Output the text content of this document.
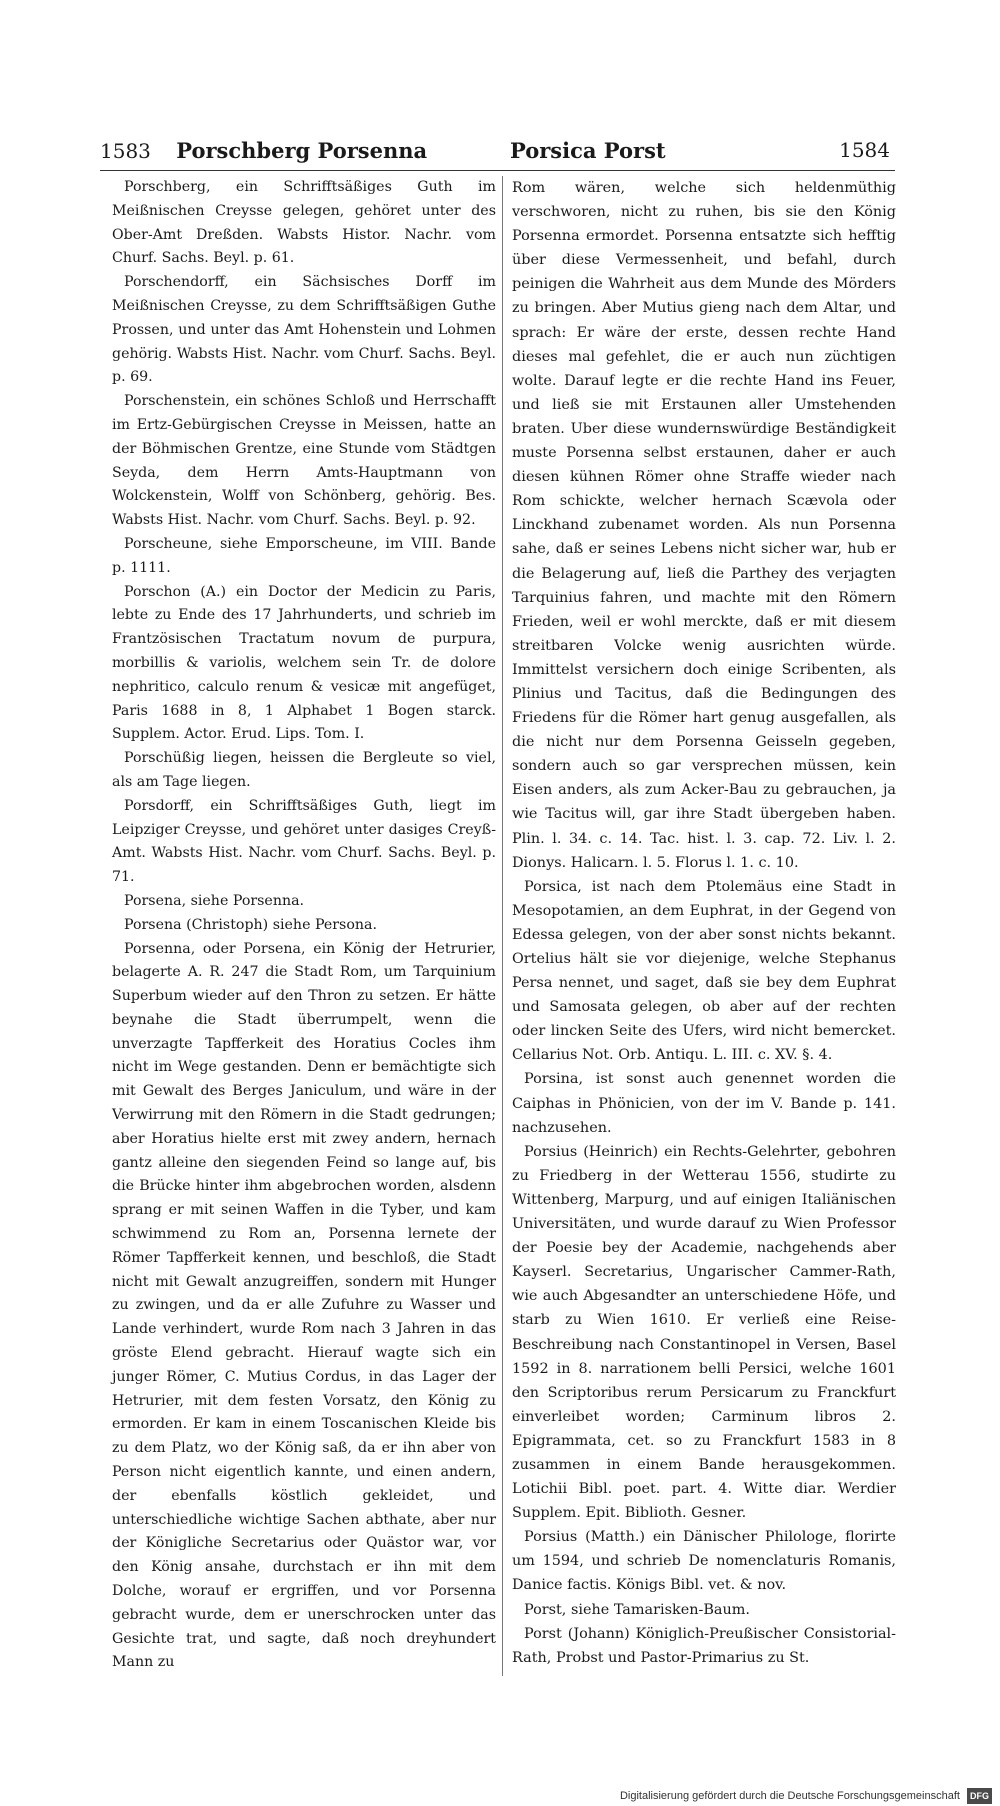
1583 Porschberg Porsenna	Porsica Porst	1584

Porschberg, ein Schrifftsäßiges Guth im Meißnischen Creysse gelegen, gehöret unter des Ober-Amt Dreßden. Wabsts Histor. Nachr. vom Churf. Sachs. Beyl. p. 61.

Porschendorff, ein Sächsisches Dorff im Meißnischen Creysse, zu dem Schrifftsäßigen Guthe Prossen, und unter das Amt Hohenstein und Lohmen gehörig. Wabsts Hist. Nachr. vom Churf. Sachs. Beyl. p. 69.

Porschenstein, ein schönes Schloß und Herrschafft im Ertz-Gebürgischen Creysse in Meissen, hatte an der Böhmischen Grentze, eine Stunde vom Städtgen Seyda, dem Herrn Amts-Hauptmann von Wolckenstein, Wolff von Schönberg, gehörig. Bes. Wabsts Hist. Nachr. vom Churf. Sachs. Beyl. p. 92.

Porscheune, siehe Emporscheune, im VIII. Bande p. 1111.

Porschon (A.) ein Doctor der Medicin zu Paris, lebte zu Ende des 17 Jahrhunderts, und schrieb im Frantzösischen Tractatum novum de purpura, morbillis & variolis, welchem sein Tr. de dolore nephritico, calculo renum & vesicæ mit angefüget, Paris 1688 in 8, 1 Alphabet 1 Bogen starck. Supplem. Actor. Erud. Lips. Tom. I.

Porschüßig liegen, heissen die Bergleute so viel, als am Tage liegen.

Porsdorff, ein Schrifftsäßiges Guth, liegt im Leipziger Creysse, und gehöret unter dasiges Creyß-Amt. Wabsts Hist. Nachr. vom Churf. Sachs. Beyl. p. 71.

Porsena, siehe Porsenna.

Porsena (Christoph) siehe Persona.

Porsenna, oder Porsena, ein König der Hetrurier, belagerte A. R. 247 die Stadt Rom, um Tarquinium Superbum wieder auf den Thron zu setzen. Er hätte beynahe die Stadt überrumpelt, wenn die unverzagte Tapfferkeit des Horatius Cocles ihm nicht im Wege gestanden. Denn er bemächtigte sich mit Gewalt des Berges Janiculum, und wäre in der Verwirrung mit den Römern in die Stadt gedrungen; aber Horatius hielte erst mit zwey andern, hernach gantz alleine den siegenden Feind so lange auf, bis die Brücke hinter ihm abgebrochen worden, alsdenn sprang er mit seinen Waffen in die Tyber, und kam schwimmend zu Rom an, Porsenna lernete der Römer Tapfferkeit kennen, und beschloß, die Stadt nicht mit Gewalt anzugreiffen, sondern mit Hunger zu zwingen, und da er alle Zufuhre zu Wasser und Lande verhindert, wurde Rom nach 3 Jahren in das gröste Elend gebracht. Hierauf wagte sich ein junger Römer, C. Mutius Cordus, in das Lager der Hetrurier, mit dem festen Vorsatz, den König zu ermorden. Er kam in einem Toscanischen Kleide bis zu dem Platz, wo der König saß, da er ihn aber von Person nicht eigentlich kannte, und einen andern, der ebenfalls köstlich gekleidet, und unterschiedliche wichtige Sachen abthate, aber nur der Königliche Secretarius oder Quästor war, vor den König ansahe, durchstach er ihn mit dem Dolche, worauf er ergriffen, und vor Porsenna gebracht wurde, dem er unerschrocken unter das Gesichte trat, und sagte, daß noch dreyhundert Mann zu

Rom wären, welche sich heldenmüthig verschworen, nicht zu ruhen, bis sie den König Porsenna ermordet. Porsenna entsatzte sich hefftig über diese Vermessenheit, und befahl, durch peinigen die Wahrheit aus dem Munde des Mörders zu bringen. Aber Mutius gieng nach dem Altar, und sprach: Er wäre der erste, dessen rechte Hand dieses mal gefehlet, die er auch nun züchtigen wolte. Darauf legte er die rechte Hand ins Feuer, und ließ sie mit Erstaunen aller Umstehenden braten. Uber diese wundernswürdige Beständigkeit muste Porsenna selbst erstaunen, daher er auch diesen kühnen Römer ohne Straffe wieder nach Rom schickte, welcher hernach Scævola oder Linckhand zubenamet worden. Als nun Porsenna sahe, daß er seines Lebens nicht sicher war, hub er die Belagerung auf, ließ die Parthey des verjagten Tarquinius fahren, und machte mit den Römern Frieden, weil er wohl merckte, daß er mit diesem streitbaren Volcke wenig ausrichten würde. Immittelst versichern doch einige Scribenten, als Plinius und Tacitus, daß die Bedingungen des Friedens für die Römer hart genug ausgefallen, als die nicht nur dem Porsenna Geisseln gegeben, sondern auch so gar versprechen müssen, kein Eisen anders, als zum Acker-Bau zu gebrauchen, ja wie Tacitus will, gar ihre Stadt übergeben haben. Plin. l. 34. c. 14. Tac. hist. l. 3. cap. 72. Liv. l. 2. Dionys. Halicarn. l. 5. Florus l. 1. c. 10.

Porsica, ist nach dem Ptolemäus eine Stadt in Mesopotamien, an dem Euphrat, in der Gegend von Edessa gelegen, von der aber sonst nichts bekannt. Ortelius hält sie vor diejenige, welche Stephanus Persa nennet, und saget, daß sie bey dem Euphrat und Samosata gelegen, ob aber auf der rechten oder lincken Seite des Ufers, wird nicht bemercket. Cellarius Not. Orb. Antiqu. L. III. c. XV. §. 4.

Porsina, ist sonst auch genennet worden die Caiphas in Phönicien, von der im V. Bande p. 141. nachzusehen.

Porsius (Heinrich) ein Rechts-Gelehrter, gebohren zu Friedberg in der Wetterau 1556, studirte zu Wittenberg, Marpurg, und auf einigen Italiänischen Universitäten, und wurde darauf zu Wien Professor der Poesie bey der Academie, nachgehends aber Kayserl. Secretarius, Ungarischer Cammer-Rath, wie auch Abgesandter an unterschiedene Höfe, und starb zu Wien 1610. Er verließ eine Reise-Beschreibung nach Constantinopel in Versen, Basel 1592 in 8. narrationem belli Persici, welche 1601 den Scriptoribus rerum Persicarum zu Franckfurt einverleibet worden; Carminum libros 2. Epigrammata, cet. so zu Franckfurt 1583 in 8 zusammen in einem Bande herausgekommen. Lotichii Bibl. poet. part. 4. Witte diar. Werdier Supplem. Epit. Biblioth. Gesner.

Porsius (Matth.) ein Dänischer Philologe, florirte um 1594, und schrieb De nomenclaturis Romanis, Danice factis. Königs Bibl. vet. & nov.

Porst, siehe Tamarisken-Baum.

Porst (Johann) Königlich-Preußischer Consistorial-Rath, Probst und Pastor-Primarius zu St.

Digitalisierung gefördert durch die Deutsche Forschungsgemeinschaft DFG
